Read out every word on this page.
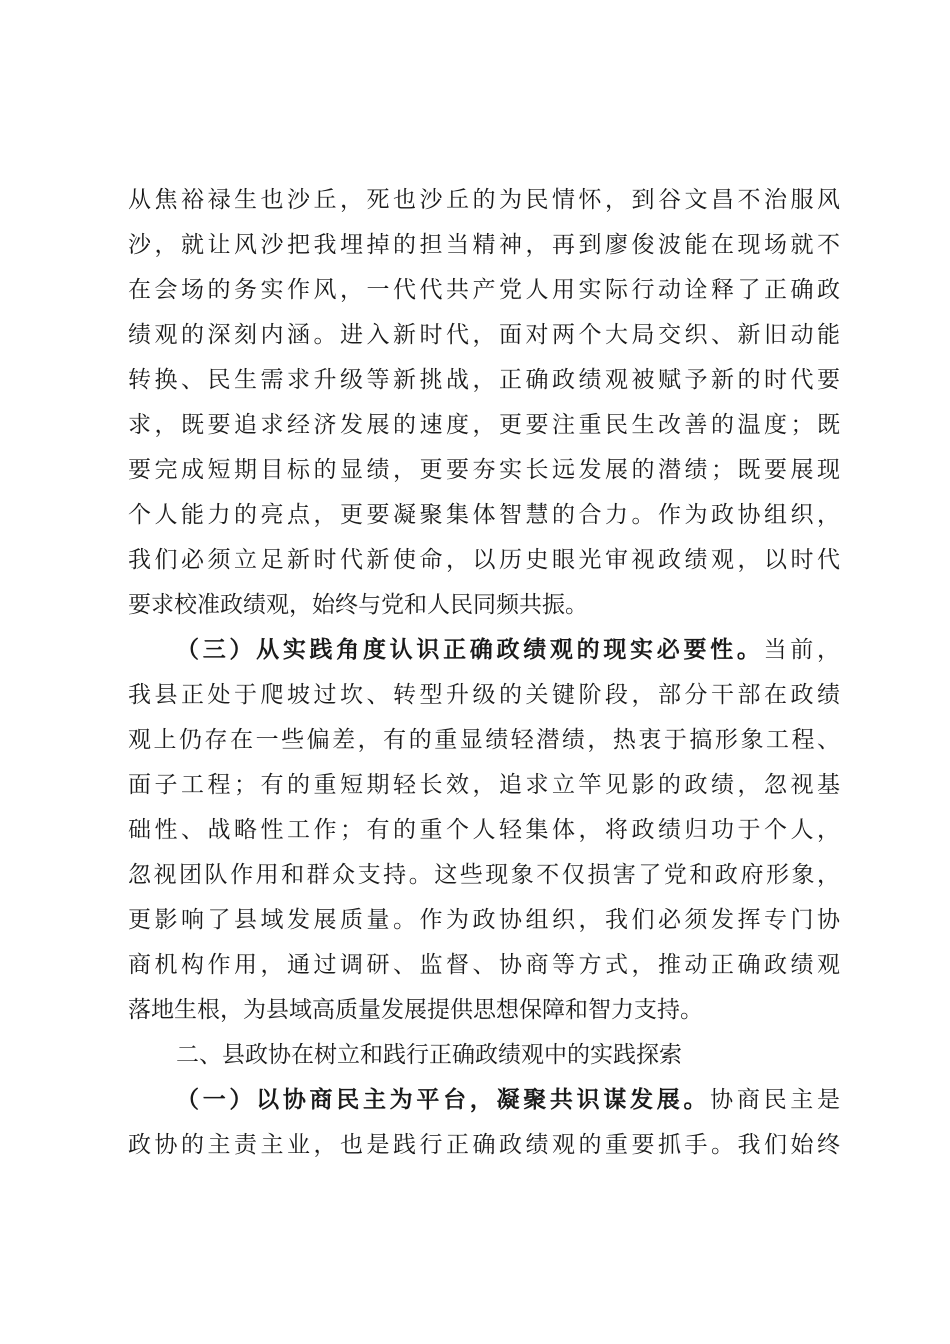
从焦裕禄生也沙丘，死也沙丘的为民情怀，到谷文昌不治服风
沙，就让风沙把我埋掉的担当精神，再到廖俊波能在现场就不
在会场的务实作风，一代代共产党人用实际行动诠释了正确政
绩观的深刻内涵。进入新时代，面对两个大局交织、新旧动能
转换、民生需求升级等新挑战，正确政绩观被赋予新的时代要
求，既要追求经济发展的速度，更要注重民生改善的温度；既
要完成短期目标的显绩，更要夯实长远发展的潜绩；既要展现
个人能力的亮点，更要凝聚集体智慧的合力。作为政协组织，
我们必须立足新时代新使命，以历史眼光审视政绩观，以时代
要求校准政绩观，始终与党和人民同频共振。
（三）从实践角度认识正确政绩观的现实必要性。当前，
我县正处于爬坡过坎、转型升级的关键阶段，部分干部在政绩
观上仍存在一些偏差，有的重显绩轻潜绩，热衷于搞形象工程、
面子工程；有的重短期轻长效，追求立竿见影的政绩，忽视基
础性、战略性工作；有的重个人轻集体，将政绩归功于个人，
忽视团队作用和群众支持。这些现象不仅损害了党和政府形象，
更影响了县域发展质量。作为政协组织，我们必须发挥专门协
商机构作用，通过调研、监督、协商等方式，推动正确政绩观
落地生根，为县域高质量发展提供思想保障和智力支持。
二、县政协在树立和践行正确政绩观中的实践探索
（一）以协商民主为平台，凝聚共识谋发展。协商民主是
政协的主责主业，也是践行正确政绩观的重要抓手。我们始终
